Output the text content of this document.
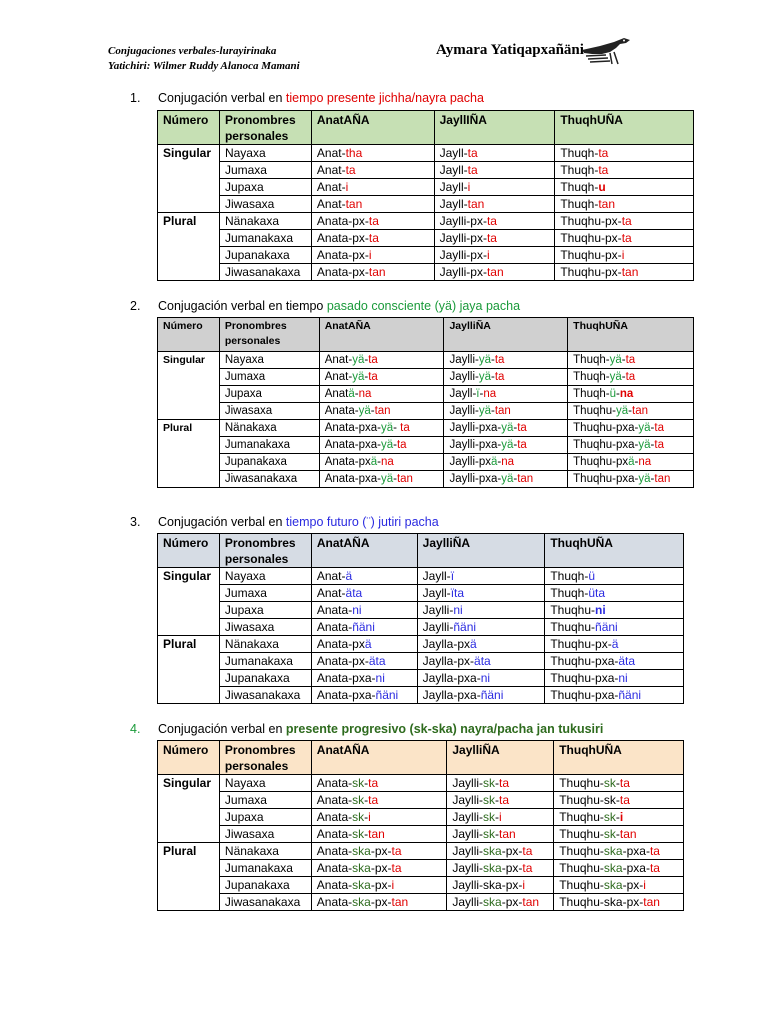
Conjugaciones verbales-lurayirinaka
Yatichiri: Wilmer Ruddy Alanoca Mamani
Aymara Yatiqapxañäni
1. Conjugación verbal en tiempo presente jichha/nayra pacha
Número	Pronombres personales	AnatAÑA	JayllIÑA	ThuqhUÑA
Singular	Nayaxa	Anat-tha	Jayll-ta	Thuqh-ta
	Jumaxa	Anat-ta	Jayll-ta	Thuqh-ta
	Jupaxa	Anat-i	Jayll-i	Thuqh-u
	Jiwasaxa	Anat-tan	Jayll-tan	Thuqh-tan
Plural	Nänakaxa	Anata-px-ta	Jaylli-px-ta	Thuqhu-px-ta
	Jumanakaxa	Anata-px-ta	Jaylli-px-ta	Thuqhu-px-ta
	Jupanakaxa	Anata-px-i	Jaylli-px-i	Thuqhu-px-i
	Jiwasanakaxa	Anata-px-tan	Jaylli-px-tan	Thuqhu-px-tan
2. Conjugación verbal en tiempo pasado consciente (yä) jaya pacha
Número	Pronombres personales	AnatAÑA	JaylliÑA	ThuqhUÑA
Singular	Nayaxa	Anat-yä-ta	Jaylli-yä-ta	Thuqh-yä-ta
	Jumaxa	Anat-yä-ta	Jaylli-yä-ta	Thuqh-yä-ta
	Jupaxa	Anatä-na	Jayll-ï-na	Thuqh-ü-na
	Jiwasaxa	Anata-yä-tan	Jaylli-yä-tan	Thuqhu-yä-tan
Plural	Nänakaxa	Anata-pxa-yä- ta	Jaylli-pxa-yä-ta	Thuqhu-pxa-yä-ta
	Jumanakaxa	Anata-pxa-yä-ta	Jaylli-pxa-yä-ta	Thuqhu-pxa-yä-ta
	Jupanakaxa	Anata-pxä-na	Jaylli-pxä-na	Thuqhu-pxä-na
	Jiwasanakaxa	Anata-pxa-yä-tan	Jaylli-pxa-yä-tan	Thuqhu-pxa-yä-tan
3. Conjugación verbal en tiempo futuro (¨) jutiri pacha
Número	Pronombres personales	AnatAÑA	JaylliÑA	ThuqhUÑA
Singular	Nayaxa	Anat-ä	Jayll-ï	Thuqh-ü
	Jumaxa	Anat-äta	Jayll-ïta	Thuqh-üta
	Jupaxa	Anata-ni	Jaylli-ni	Thuqhu-ni
	Jiwasaxa	Anata-ñäni	Jaylli-ñäni	Thuqhu-ñäni
Plural	Nänakaxa	Anata-pxä	Jaylla-pxä	Thuqhu-px-ä
	Jumanakaxa	Anata-px-äta	Jaylla-px-äta	Thuqhu-pxa-äta
	Jupanakaxa	Anata-pxa-ni	Jaylla-pxa-ni	Thuqhu-pxa-ni
	Jiwasanakaxa	Anata-pxa-ñäni	Jaylla-pxa-ñäni	Thuqhu-pxa-ñäni
4. Conjugación verbal en presente progresivo (sk-ska) nayra/pacha jan tukusiri
Número	Pronombres personales	AnatAÑA	JaylliÑA	ThuqhUÑA
Singular	Nayaxa	Anata-sk-ta	Jaylli-sk-ta	Thuqhu-sk-ta
	Jumaxa	Anata-sk-ta	Jaylli-sk-ta	Thuqhu-sk-ta
	Jupaxa	Anata-sk-i	Jaylli-sk-i	Thuqhu-sk-i
	Jiwasaxa	Anata-sk-tan	Jaylli-sk-tan	Thuqhu-sk-tan
Plural	Nänakaxa	Anata-ska-px-ta	Jaylli-ska-px-ta	Thuqhu-ska-pxa-ta
	Jumanakaxa	Anata-ska-px-ta	Jaylli-ska-px-ta	Thuqhu-ska-pxa-ta
	Jupanakaxa	Anata-ska-px-i	Jaylli-ska-px-i	Thuqhu-ska-px-i
	Jiwasanakaxa	Anata-ska-px-tan	Jaylli-ska-px-tan	Thuqhu-ska-px-tan
